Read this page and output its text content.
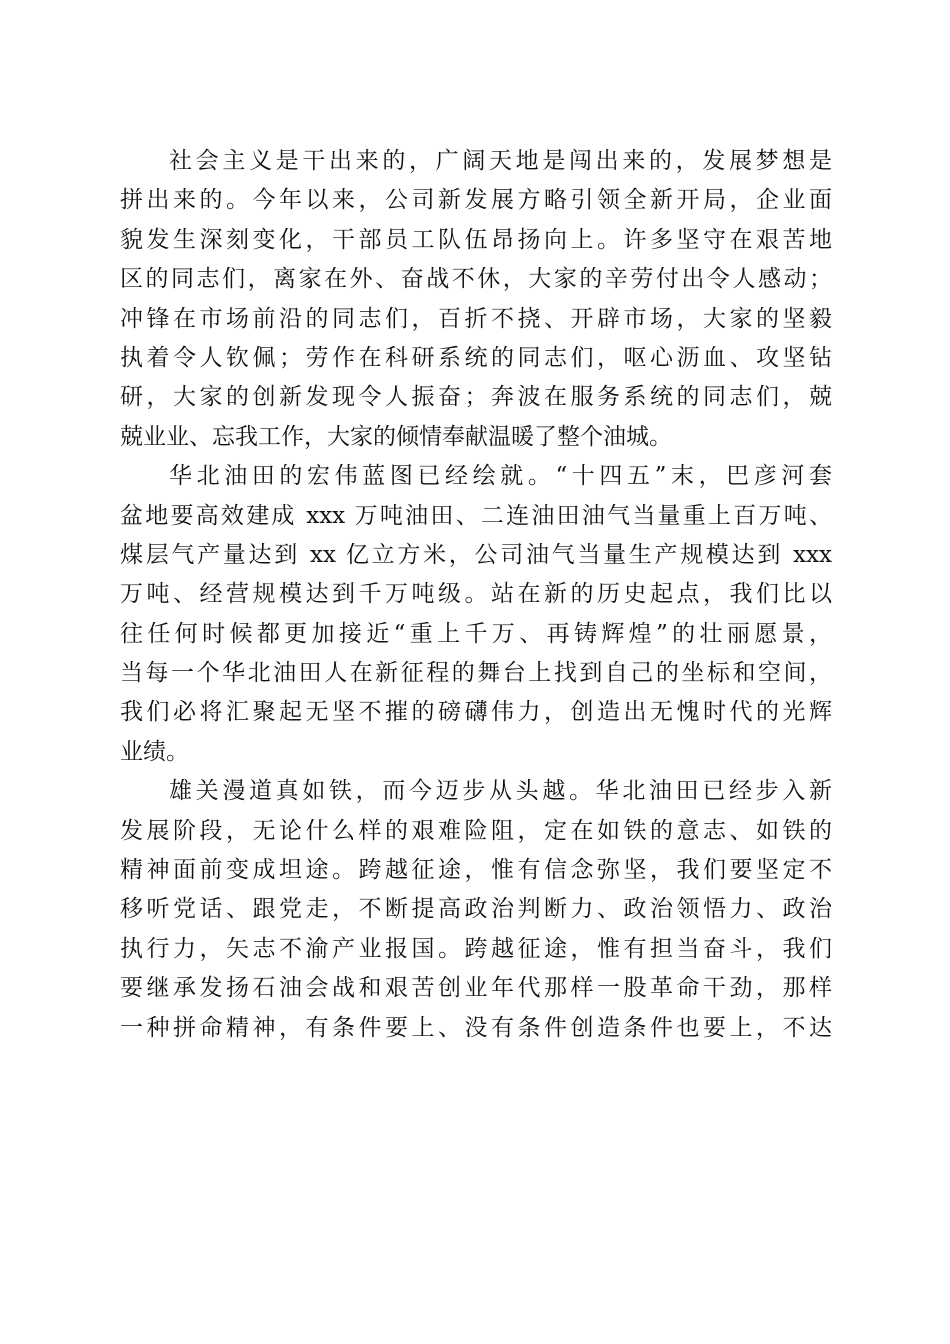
社会主义是干出来的，广阔天地是闯出来的，发展梦想是
拼出来的。今年以来，公司新发展方略引领全新开局，企业面
貌发生深刻变化，干部员工队伍昂扬向上。许多坚守在艰苦地
区的同志们，离家在外、奋战不休，大家的辛劳付出令人感动；
冲锋在市场前沿的同志们，百折不挠、开辟市场，大家的坚毅
执着令人钦佩；劳作在科研系统的同志们，呕心沥血、攻坚钻
研，大家的创新发现令人振奋；奔波在服务系统的同志们，兢
兢业业、忘我工作，大家的倾情奉献温暖了整个油城。
华北油田的宏伟蓝图已经绘就。“十四五”末，巴彦河套
盆地要高效建成 xxx 万吨油田、二连油田油气当量重上百万吨、
煤层气产量达到 xx 亿立方米，公司油气当量生产规模达到 xxx
万吨、经营规模达到千万吨级。站在新的历史起点，我们比以
往任何时候都更加接近“重上千万、再铸辉煌”的壮丽愿景，
当每一个华北油田人在新征程的舞台上找到自己的坐标和空间，
我们必将汇聚起无坚不摧的磅礴伟力，创造出无愧时代的光辉
业绩。
雄关漫道真如铁，而今迈步从头越。华北油田已经步入新
发展阶段，无论什么样的艰难险阻，定在如铁的意志、如铁的
精神面前变成坦途。跨越征途，惟有信念弥坚，我们要坚定不
移听党话、跟党走，不断提高政治判断力、政治领悟力、政治
执行力，矢志不渝产业报国。跨越征途，惟有担当奋斗，我们
要继承发扬石油会战和艰苦创业年代那样一股革命干劲，那样
一种拼命精神，有条件要上、没有条件创造条件也要上，不达
